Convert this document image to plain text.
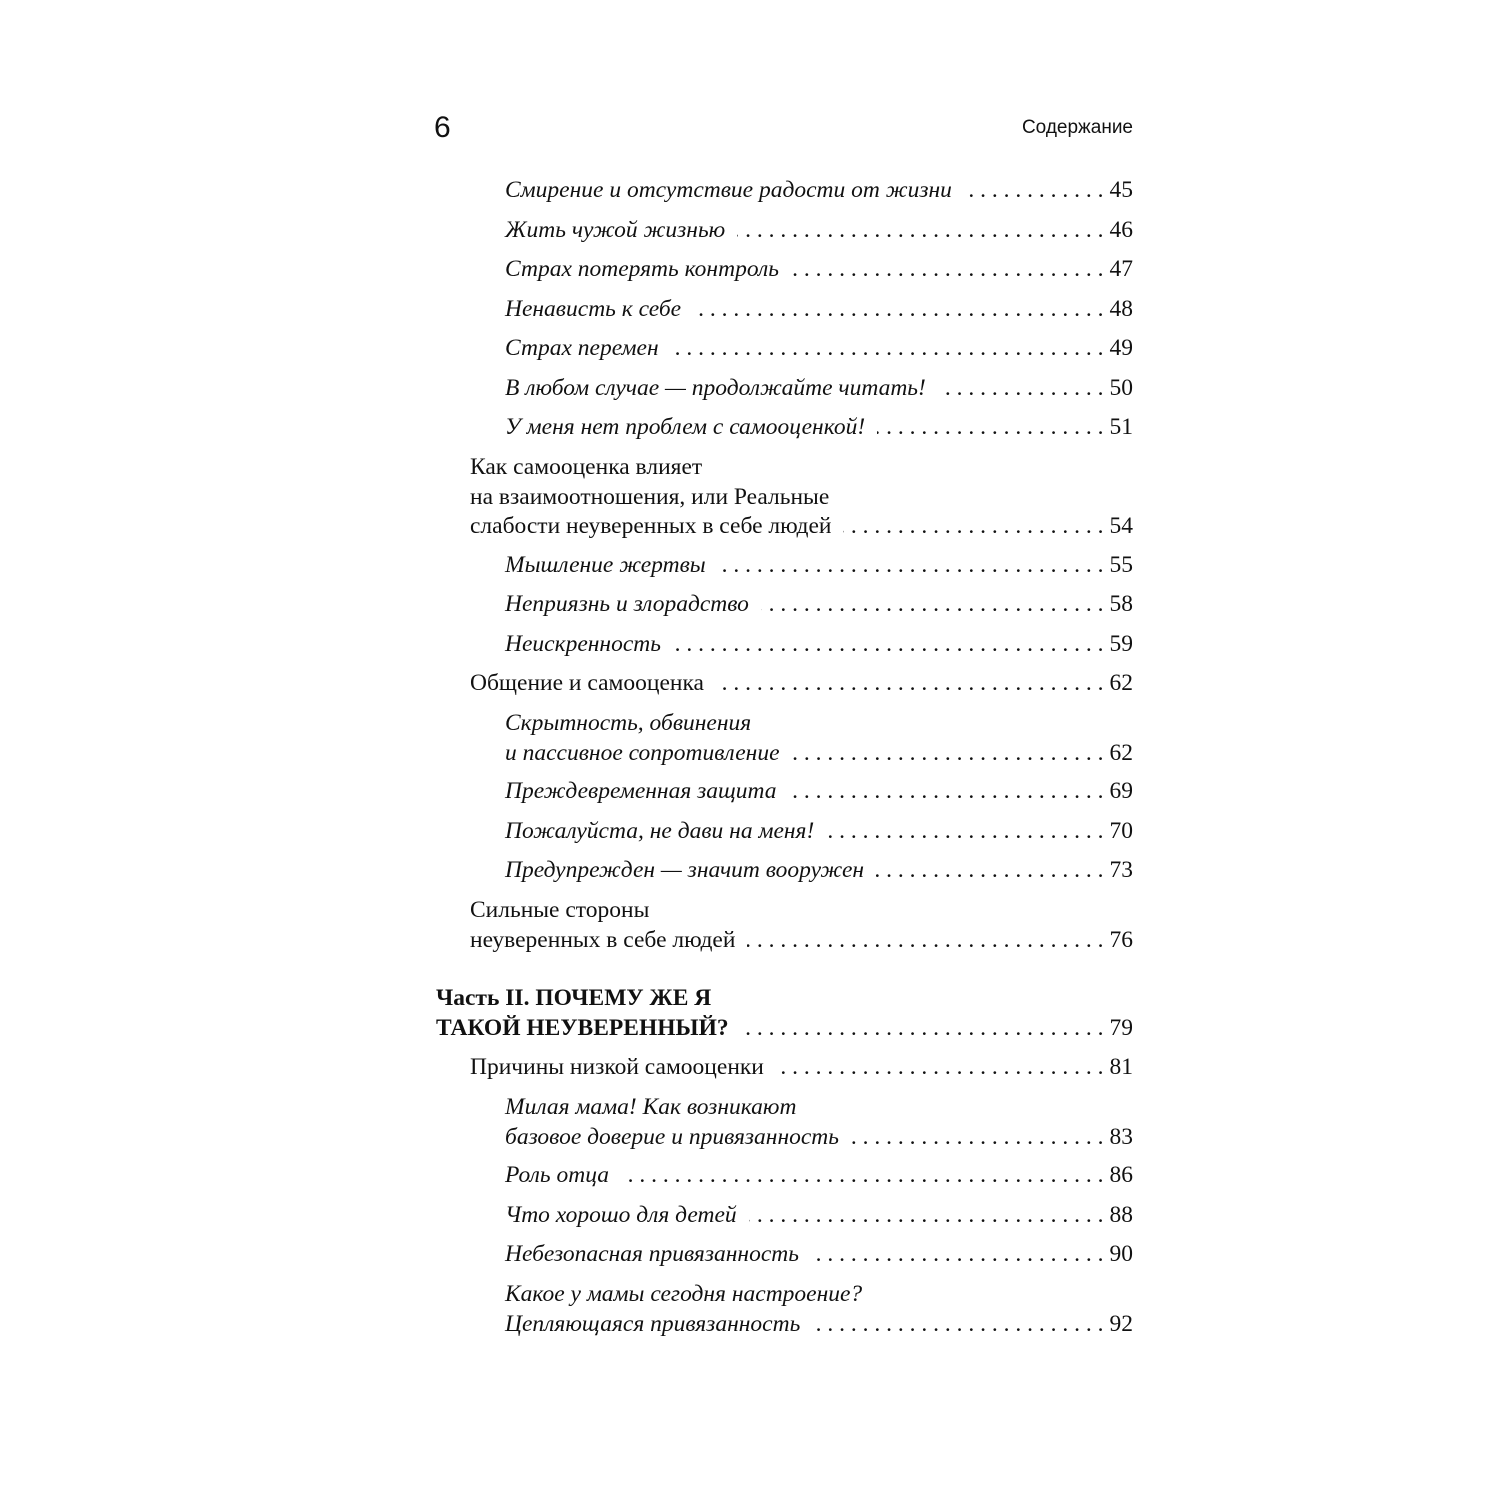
6	Содержание
Смирение и отсутствие радости от жизни . . .	45
Жить чужой жизнью . . .	46
Страх потерять контроль . . .	47
Ненависть к себе . . .	48
Страх перемен . . .	49
В любом случае — продолжайте читать! . . .	50
У меня нет проблем с самооценкой! . . .	51
Как самооценка влияет
на взаимоотношения, или Реальные
слабости неуверенных в себе людей . . .	54
Мышление жертвы . . .	55
Неприязнь и злорадство . . .	58
Неискренность . . .	59
Общение и самооценка . . .	62
Скрытность, обвинения
и пассивное сопротивление . . .	62
Преждевременная защита . . .	69
Пожалуйста, не дави на меня! . . .	70
Предупрежден — значит вооружен . . .	73
Сильные стороны
неуверенных в себе людей . . .	76
Часть II. ПОЧЕМУ ЖЕ Я
ТАКОЙ НЕУВЕРЕННЫЙ? . . .	79
Причины низкой самооценки . . .	81
Милая мама! Как возникают
базовое доверие и привязанность . . .	83
Роль отца . . .	86
Что хорошо для детей . . .	88
Небезопасная привязанность . . .	90
Какое у мамы сегодня настроение?
Цепляющаяся привязанность . . .	92
